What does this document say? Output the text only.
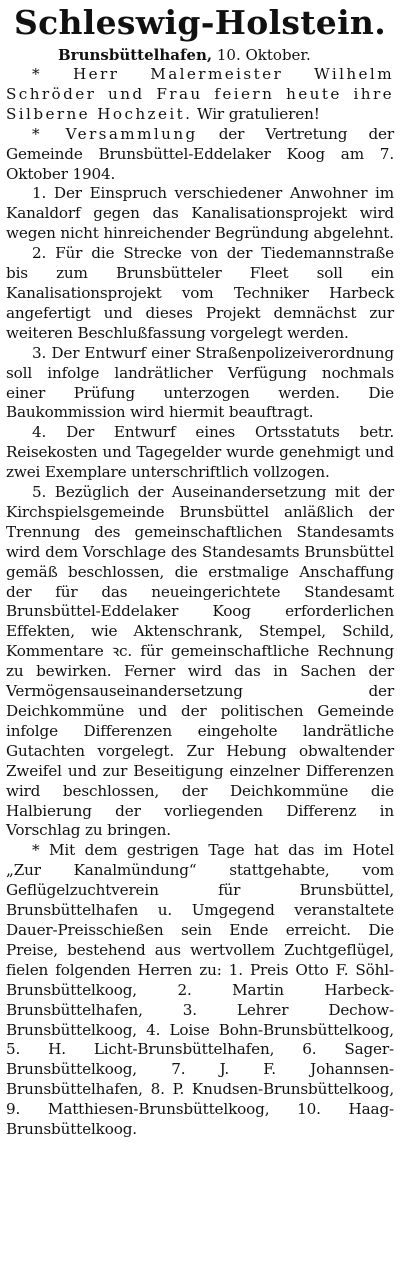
Schleswig-Holstein.
Brunsbüttelhafen, 10. Oktober.

* Herr Malermeister Wilhelm Schröder und Frau feiern heute ihre Silberne Hochzeit. Wir gratulieren!

* Versammlung der Vertretung der Gemeinde Brunsbüttel-Eddelaker Koog am 7. Oktober 1904.

1. Der Einspruch verschiedener Anwohner im Kanaldorf gegen das Kanalisationsprojekt wird wegen nicht hinreichender Begründung abgelehnt.

2. Für die Strecke von der Tiedemannstraße bis zum Brunsbütteler Fleet soll ein Kanalisationsprojekt vom Techniker Harbeck angefertigt und dieses Projekt demnächst zur weiteren Beschlußfassung vorgelegt werden.

3. Der Entwurf einer Straßenpolizeiverordnung soll infolge landrätlicher Verfügung nochmals einer Prüfung unterzogen werden. Die Baukommission wird hiermit beauftragt.

4. Der Entwurf eines Ortsstatuts betr. Reisekosten und Tagegelder wurde genehmigt und zwei Exemplare unterschriftlich vollzogen.

5. Bezüglich der Auseinandersetzung mit der Kirchspielsgemeinde Brunsbüttel anläßlich der Trennung des gemeinschaftlichen Standesamts wird dem Vorschlage des Standesamts Brunsbüttel gemäß beschlossen, die erstmalige Anschaffung der für das neueingerichtete Standesamt Brunsbüttel-Eddelaker Koog erforderlichen Effekten, wie Aktenschrank, Stempel, Schild, Kommentare ꝛc. für gemeinschaftliche Rechnung zu bewirken. Ferner wird das in Sachen der Vermögensauseinandersetzung der Deichkommüne und der politischen Gemeinde infolge Differenzen eingeholte landrätliche Gutachten vorgelegt. Zur Hebung obwaltender Zweifel und zur Beseitigung einzelner Differenzen wird beschlossen, der Deichkommüne die Halbierung der vorliegenden Differenz in Vorschlag zu bringen.

* Mit dem gestrigen Tage hat das im Hotel „Zur Kanalmündung“ stattgehabte, vom Geflügelzuchtverein für Brunsbüttel, Brunsbüttelhafen u. Umgegend veranstaltete Dauer-Preisschießen sein Ende erreicht. Die Preise, bestehend aus wertvollem Zuchtgeflügel, fielen folgenden Herren zu: 1. Preis Otto F. Söhl-Brunsbüttelkoog, 2. Martin Harbeck-Brunsbüttelhafen, 3. Lehrer Dechow-Brunsbüttelkoog, 4. Loise Bohn-Brunsbüttelkoog, 5. H. Licht-Brunsbüttelhafen, 6. Sager-Brunsbüttelkoog, 7. J. F. Johannsen-Brunsbüttelhafen, 8. P. Knudsen-Brunsbüttelkoog, 9. Matthiesen-Brunsbüttelkoog, 10. Haag-Brunsbüttelkoog.
